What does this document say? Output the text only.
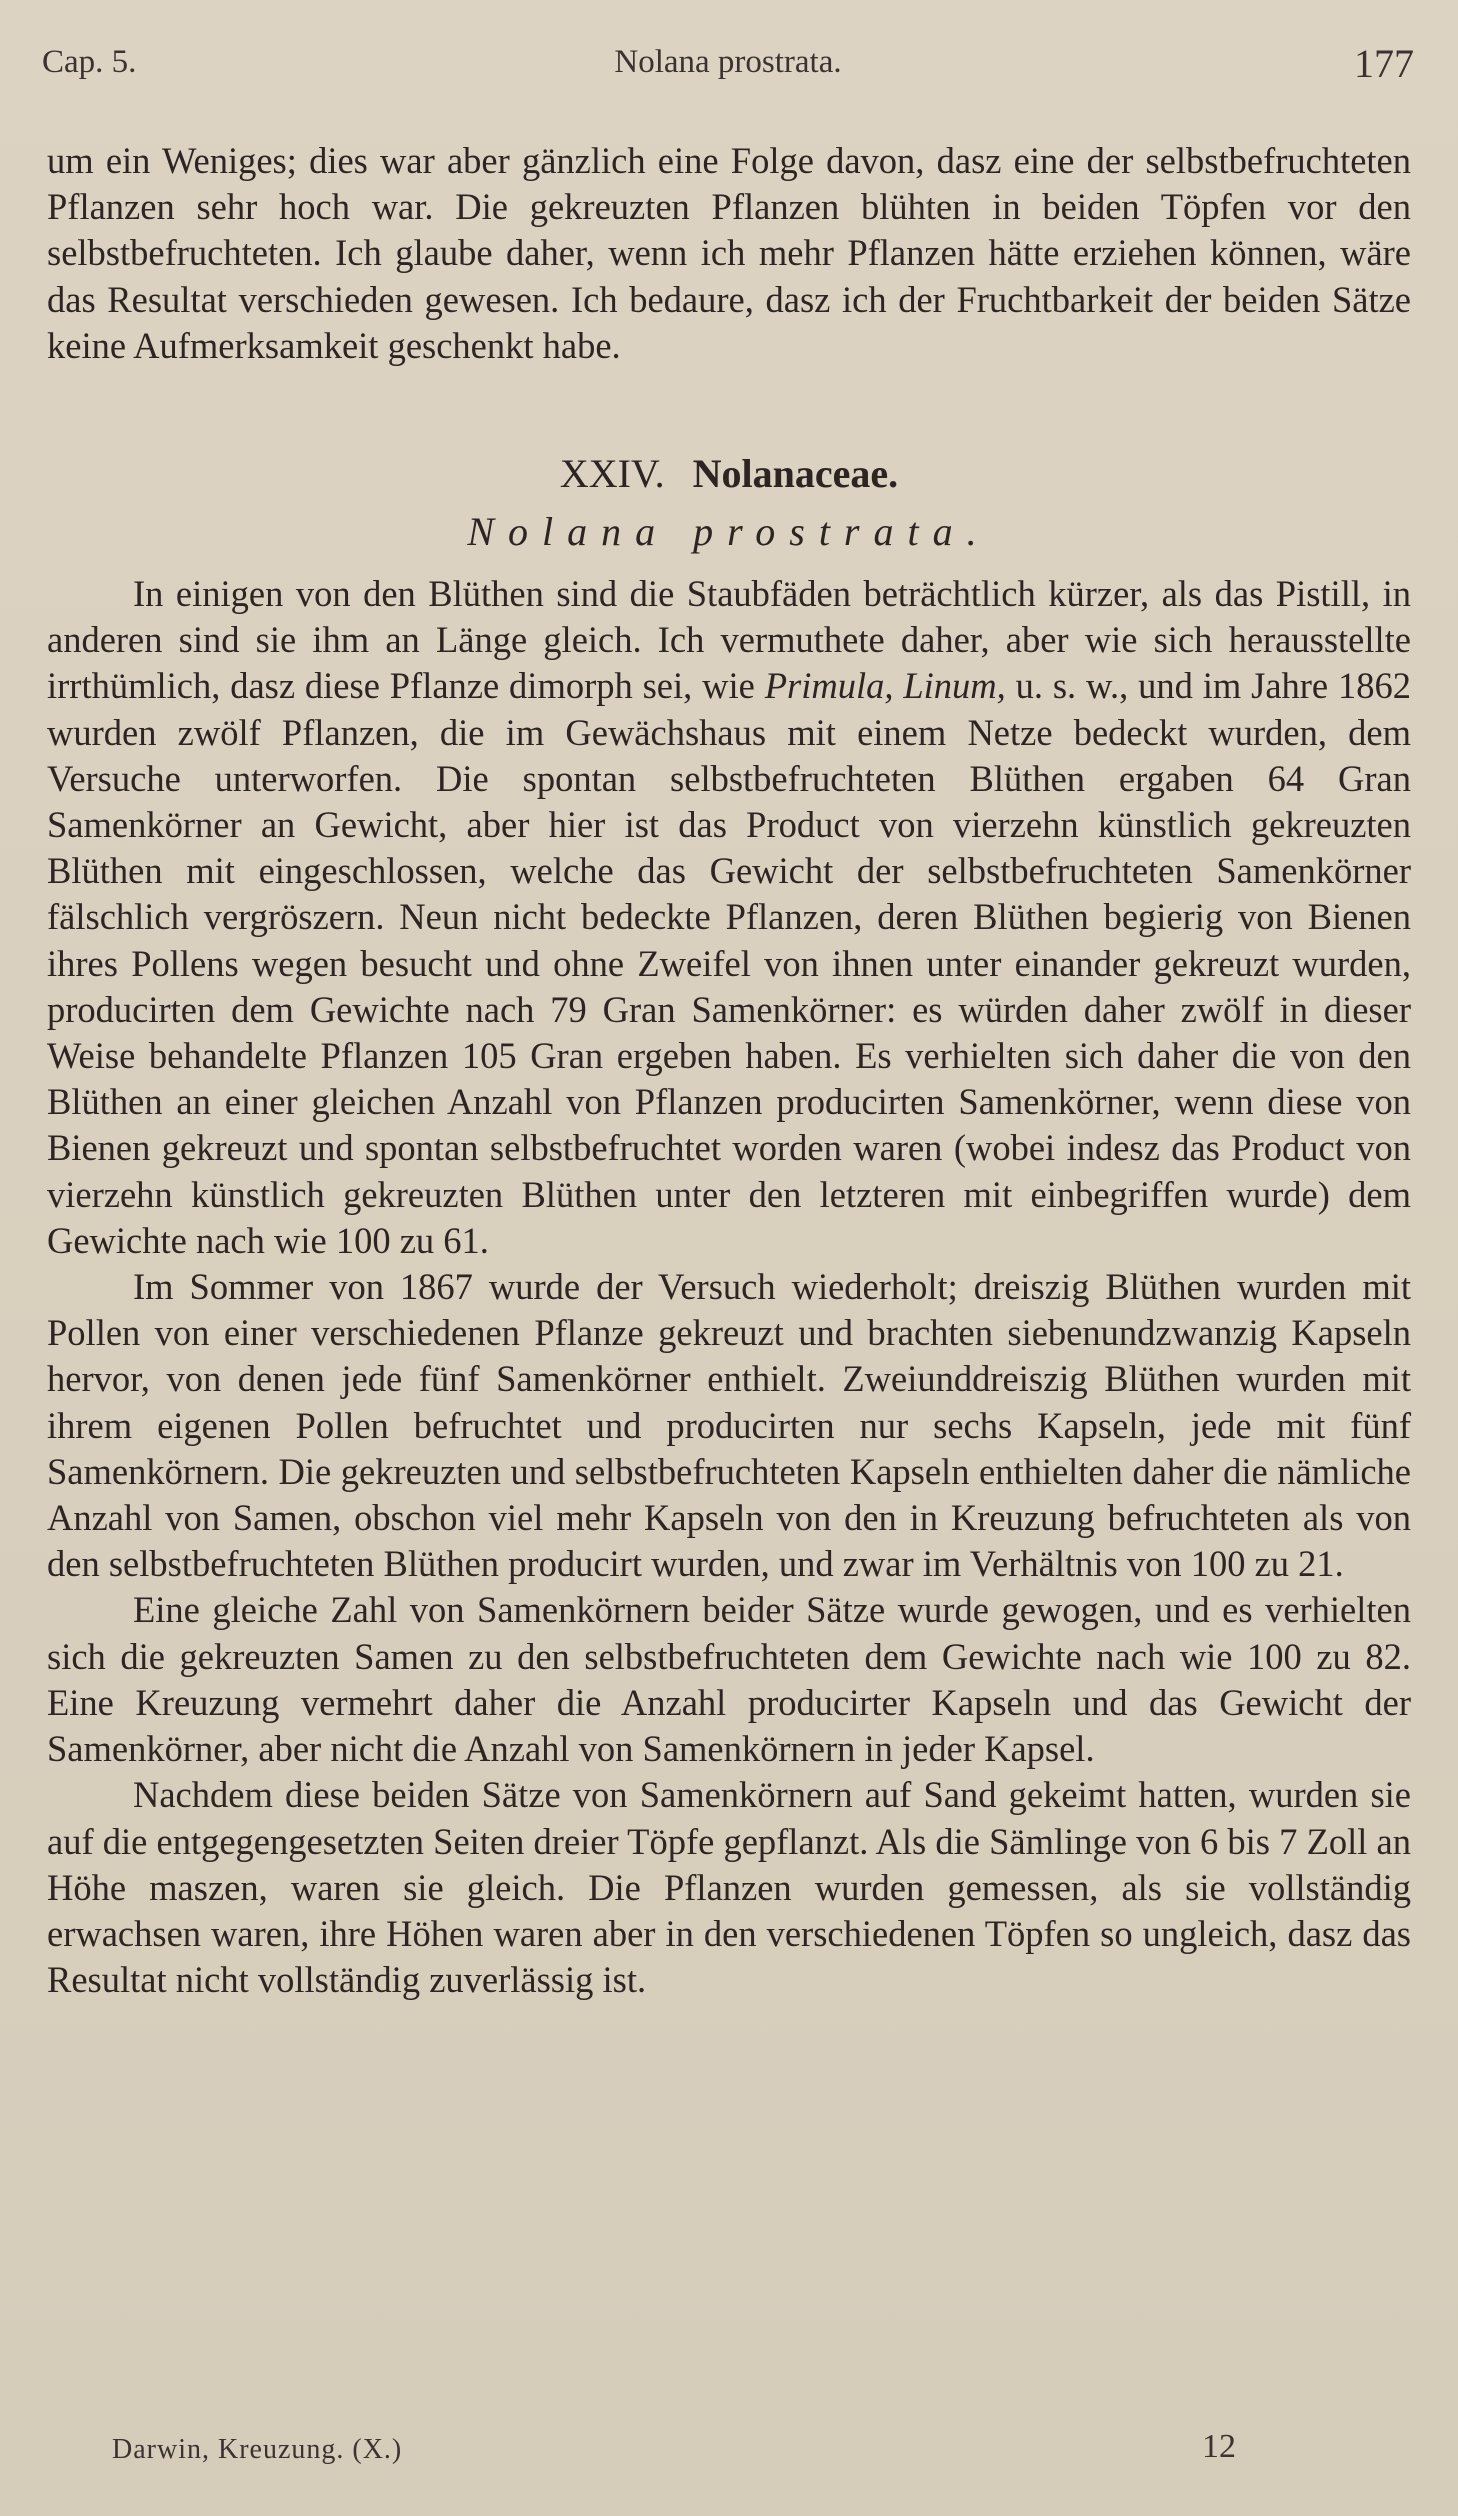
Cap. 5.	Nolana prostrata.	177

um ein Weniges; dies war aber gänzlich eine Folge davon, dasz eine der selbstbefruchteten Pflanzen sehr hoch war. Die gekreuzten Pflanzen blühten in beiden Töpfen vor den selbstbefruchteten. Ich glaube daher, wenn ich mehr Pflanzen hätte erziehen können, wäre das Resultat verschieden gewesen. Ich bedaure, dasz ich der Fruchtbarkeit der beiden Sätze keine Aufmerksamkeit geschenkt habe.

XXIV. Nolanaceae.
Nolana prostrata.

In einigen von den Blüthen sind die Staubfäden beträchtlich kürzer, als das Pistill, in anderen sind sie ihm an Länge gleich. Ich vermuthete daher, aber wie sich herausstellte irrthümlich, dasz diese Pflanze dimorph sei, wie Primula, Linum, u. s. w., und im Jahre 1862 wurden zwölf Pflanzen, die im Gewächshaus mit einem Netze bedeckt wurden, dem Versuche unterworfen. Die spontan selbstbefruchteten Blüthen ergaben 64 Gran Samenkörner an Gewicht, aber hier ist das Product von vierzehn künstlich gekreuzten Blüthen mit eingeschlossen, welche das Gewicht der selbstbefruchteten Samenkörner fälschlich vergröszern. Neun nicht bedeckte Pflanzen, deren Blüthen begierig von Bienen ihres Pollens wegen besucht und ohne Zweifel von ihnen unter einander gekreuzt wurden, producirten dem Gewichte nach 79 Gran Samenkörner: es würden daher zwölf in dieser Weise behandelte Pflanzen 105 Gran ergeben haben. Es verhielten sich daher die von den Blüthen an einer gleichen Anzahl von Pflanzen producirten Samenkörner, wenn diese von Bienen gekreuzt und spontan selbstbefruchtet worden waren (wobei indesz das Product von vierzehn künstlich gekreuzten Blüthen unter den letzteren mit einbegriffen wurde) dem Gewichte nach wie 100 zu 61.

Im Sommer von 1867 wurde der Versuch wiederholt; dreiszig Blüthen wurden mit Pollen von einer verschiedenen Pflanze gekreuzt und brachten siebenundzwanzig Kapseln hervor, von denen jede fünf Samenkörner enthielt. Zweiunddreiszig Blüthen wurden mit ihrem eigenen Pollen befruchtet und producirten nur sechs Kapseln, jede mit fünf Samenkörnern. Die gekreuzten und selbstbefruchteten Kapseln enthielten daher die nämliche Anzahl von Samen, obschon viel mehr Kapseln von den in Kreuzung befruchteten als von den selbstbefruchteten Blüthen producirt wurden, und zwar im Verhältnis von 100 zu 21.

Eine gleiche Zahl von Samenkörnern beider Sätze wurde gewogen, und es verhielten sich die gekreuzten Samen zu den selbstbefruchteten dem Gewichte nach wie 100 zu 82. Eine Kreuzung vermehrt daher die Anzahl producirter Kapseln und das Gewicht der Samenkörner, aber nicht die Anzahl von Samenkörnern in jeder Kapsel.

Nachdem diese beiden Sätze von Samenkörnern auf Sand gekeimt hatten, wurden sie auf die entgegengesetzten Seiten dreier Töpfe gepflanzt. Als die Sämlinge von 6 bis 7 Zoll an Höhe maszen, waren sie gleich. Die Pflanzen wurden gemessen, als sie vollständig erwachsen waren, ihre Höhen waren aber in den verschiedenen Töpfen so ungleich, dasz das Resultat nicht vollständig zuverlässig ist.

Darwin, Kreuzung. (X.)	12
